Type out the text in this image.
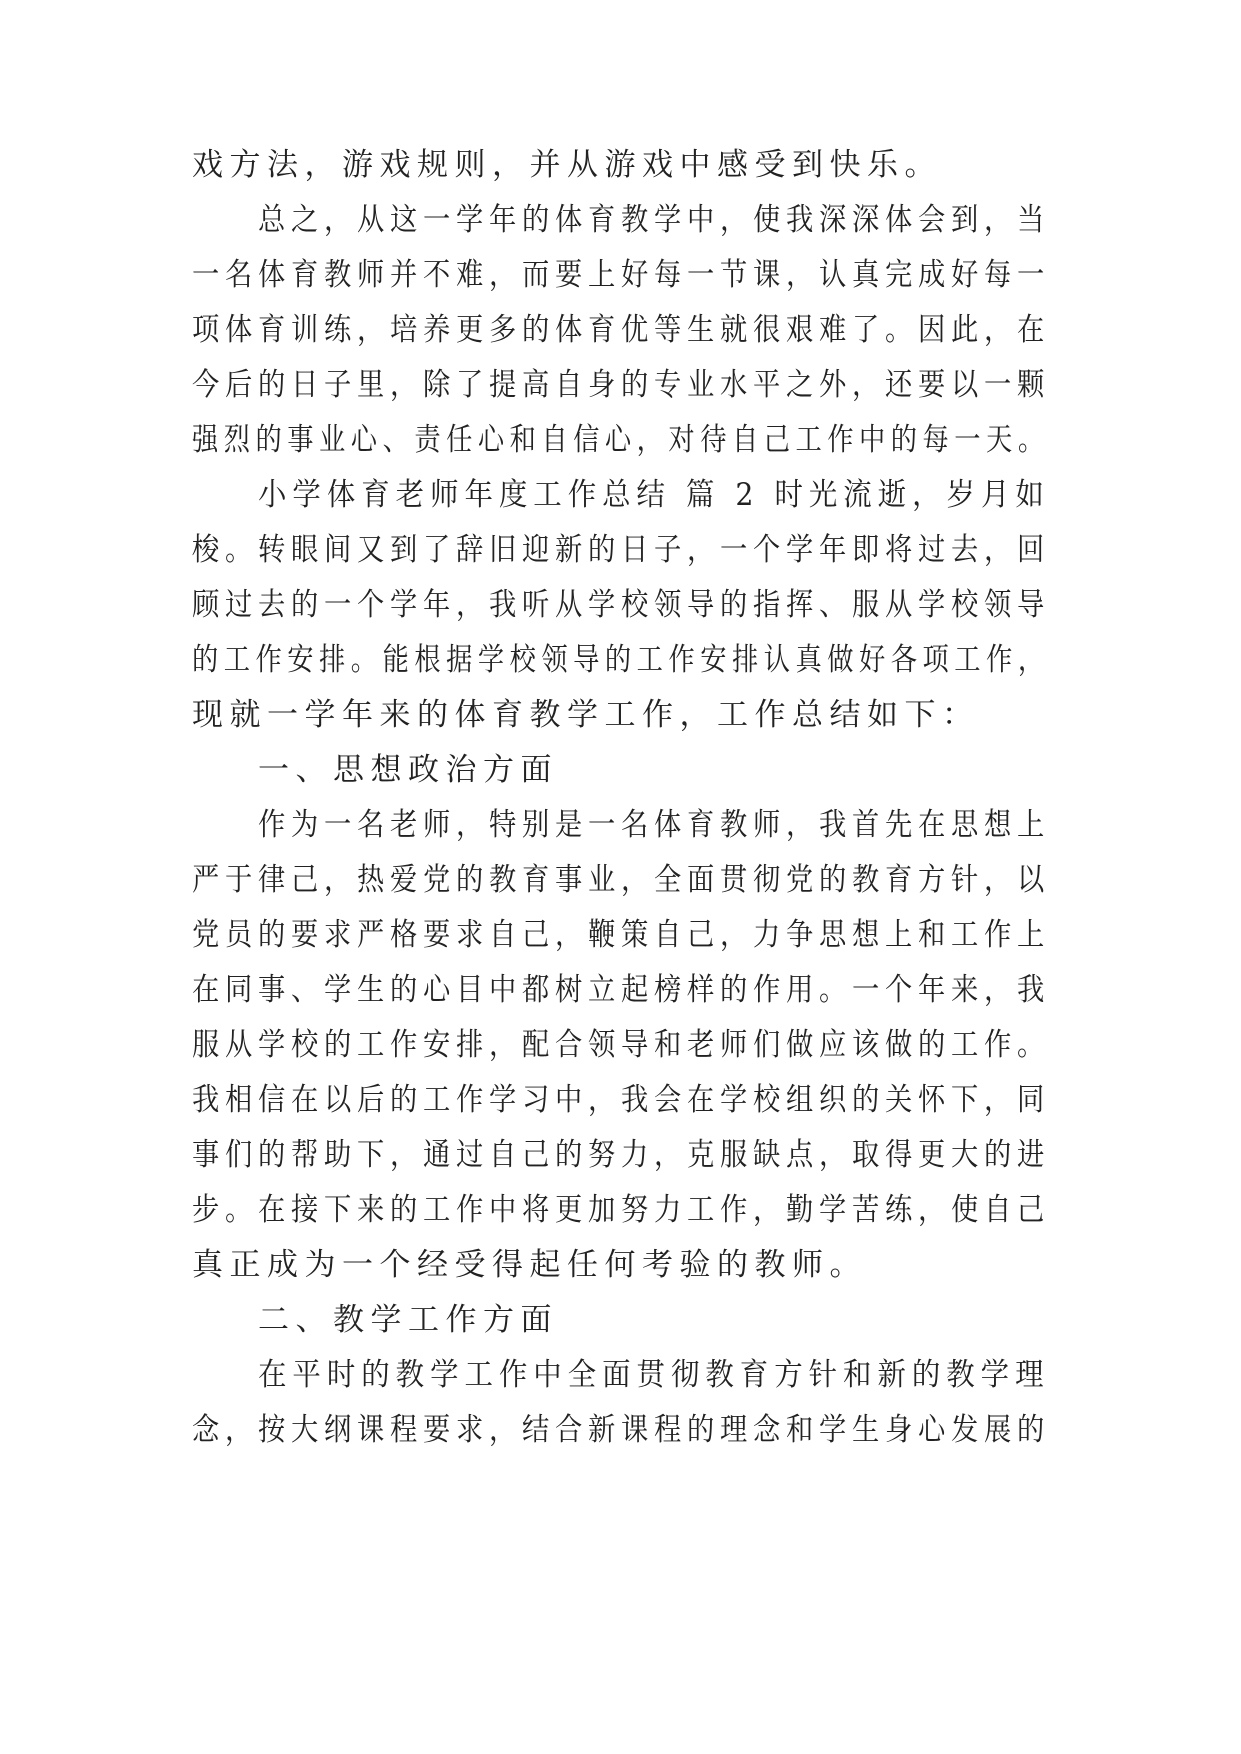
戏方法，游戏规则，并从游戏中感受到快乐。
总之，从这一学年的体育教学中，使我深深体会到，当
一名体育教师并不难，而要上好每一节课，认真完成好每一
项体育训练，培养更多的体育优等生就很艰难了。因此，在
今后的日子里，除了提高自身的专业水平之外，还要以一颗
强烈的事业心、责任心和自信心，对待自己工作中的每一天。
小学体育老师年度工作总结 篇 2 时光流逝，岁月如
梭。转眼间又到了辞旧迎新的日子，一个学年即将过去，回
顾过去的一个学年，我听从学校领导的指挥、服从学校领导
的工作安排。能根据学校领导的工作安排认真做好各项工作，
现就一学年来的体育教学工作，工作总结如下：
一、思想政治方面
作为一名老师，特别是一名体育教师，我首先在思想上
严于律己，热爱党的教育事业，全面贯彻党的教育方针，以
党员的要求严格要求自己，鞭策自己，力争思想上和工作上
在同事、学生的心目中都树立起榜样的作用。一个年来，我
服从学校的工作安排，配合领导和老师们做应该做的工作。
我相信在以后的工作学习中，我会在学校组织的关怀下，同
事们的帮助下，通过自己的努力，克服缺点，取得更大的进
步。在接下来的工作中将更加努力工作，勤学苦练，使自己
真正成为一个经受得起任何考验的教师。
二、教学工作方面
在平时的教学工作中全面贯彻教育方针和新的教学理
念，按大纲课程要求，结合新课程的理念和学生身心发展的
